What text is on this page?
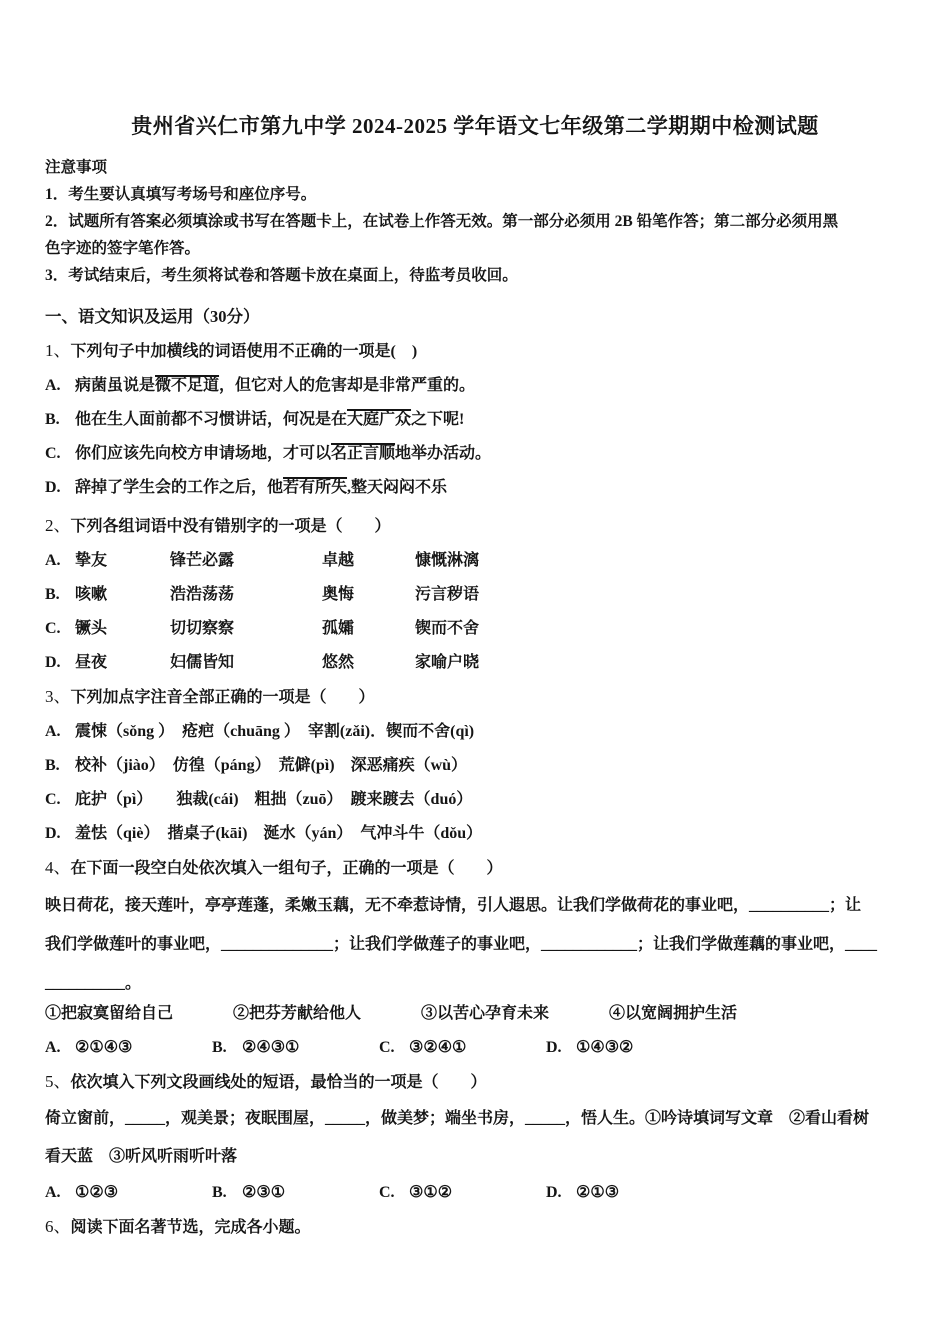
贵州省兴仁市第九中学 2024-2025 学年语文七年级第二学期期中检测试题
注意事项
1．考生要认真填写考场号和座位序号。
2．试题所有答案必须填涂或书写在答题卡上，在试卷上作答无效。第一部分必须用 2B 铅笔作答；第二部分必须用黑
色字迹的签字笔作答。
3．考试结束后，考生须将试卷和答题卡放在桌面上，待监考员收回。
一、语文知识及运用（30分）
1、下列句子中加横线的词语使用不正确的一项是(　)
A. 病菌虽说是微不足道，但它对人的危害却是非常严重的。
B. 他在生人面前都不习惯讲话，何况是在大庭广众之下呢!
C. 你们应该先向校方申请场地，才可以名正言顺地举办活动。
D. 辞掉了学生会的工作之后，他若有所失,整天闷闷不乐
2、下列各组词语中没有错别字的一项是（　　）
A. 挚友	锋芒必露	卓越	慷慨淋漓
B. 咳嗽	浩浩荡荡	奥悔	污言秽语
C. 镢头	切切察察	孤孀	锲而不舍
D. 昼夜	妇儒皆知	悠然	家喻户晓
3、下列加点字注音全部正确的一项是（　　）
A. 震悚（sǒng ）　疮疤（chuāng ）　宰割(zǎi)．锲而不舍(qì)
B. 校补（jiào）　仿徨（páng）　荒僻(pì)　深恶痛疾（wù）
C. 庇护（pì）　　独裁(cái)　粗拙（zuō）　踱来踱去（duó）
D. 羞怯（qiè）　揩桌子(kāi)　涎水（yán）　气冲斗牛（dǒu）
4、在下面一段空白处依次填入一组句子，正确的一项是（　　）
映日荷花，接天莲叶，亭亭莲蓬，柔嫩玉藕，无不牵惹诗情，引人遐思。让我们学做荷花的事业吧，__________；让
我们学做莲叶的事业吧，______________；让我们学做莲子的事业吧，____________；让我们学做莲藕的事业吧，____
__________。
①把寂寞留给自己	②把芬芳献给他人	③以苦心孕育未来	④以宽阔拥护生活
A. ②①④③	B. ②④③①	C. ③②④①	D. ①④③②
5、依次填入下列文段画线处的短语，最恰当的一项是（　　）
倚立窗前，_____，观美景；夜眠围屋，_____，做美梦；端坐书房，_____，悟人生。①吟诗填词写文章　②看山看树
看天蓝　③听风听雨听叶落
A. ①②③	B. ②③①	C. ③①②	D. ②①③
6、阅读下面名著节选，完成各小题。
